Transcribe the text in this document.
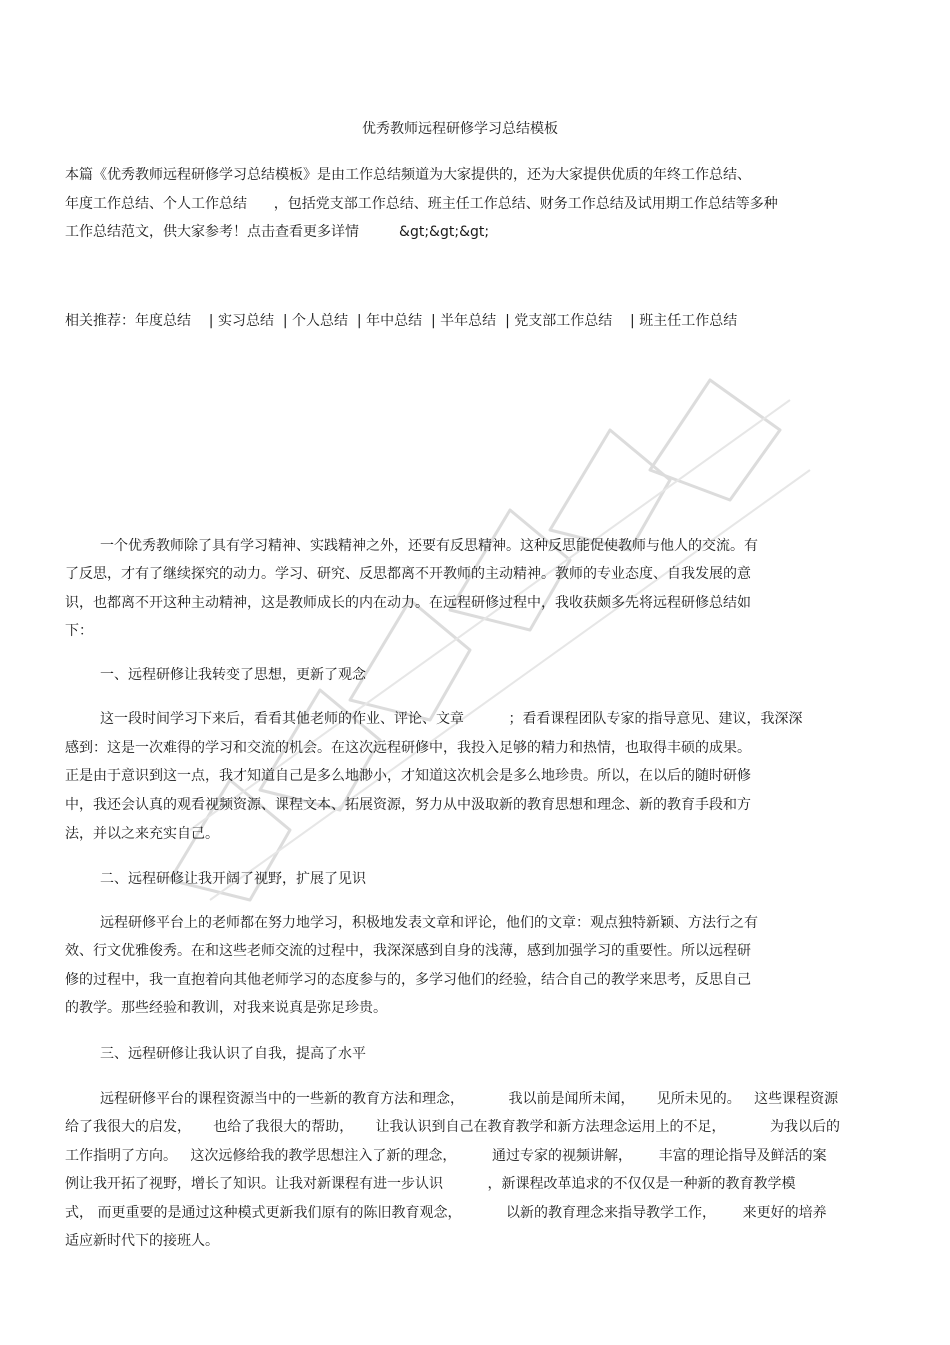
优秀教师远程研修学习总结模板
本篇《优秀教师远程研修学习总结模板》是由工作总结频道为大家提供的，还为大家提供优质的年终工作总结、
年度工作总结、个人工作总结      ，包括党支部工作总结、班主任工作总结、财务工作总结及试用期工作总结等多种
工作总结范文，供大家参考！点击查看更多详情         &gt;&gt;&gt;
相关推荐：年度总结    | 实习总结  | 个人总结  | 年中总结  | 半年总结  | 党支部工作总结    | 班主任工作总结
一个优秀教师除了具有学习精神、实践精神之外，还要有反思精神。这种反思能促使教师与他人的交流。有
了反思，才有了继续探究的动力。学习、研究、反思都离不开教师的主动精神。教师的专业态度、自我发展的意
识，也都离不开这种主动精神，这是教师成长的内在动力。在远程研修过程中，我收获颇多先将远程研修总结如
下：
一、远程研修让我转变了思想，更新了观念
这一段时间学习下来后，看看其他老师的作业、评论、文章          ；看看课程团队专家的指导意见、建议，我深深
感到：这是一次难得的学习和交流的机会。在这次远程研修中，我投入足够的精力和热情，也取得丰硕的成果。
正是由于意识到这一点，我才知道自己是多么地渺小，才知道这次机会是多么地珍贵。所以，在以后的随时研修
中，我还会认真的观看视频资源、课程文本、拓展资源，努力从中汲取新的教育思想和理念、新的教育手段和方
法，并以之来充实自己。
二、远程研修让我开阔了视野，扩展了见识
远程研修平台上的老师都在努力地学习，积极地发表文章和评论，他们的文章：观点独特新颖、方法行之有
效、行文优雅俊秀。在和这些老师交流的过程中，我深深感到自身的浅薄，感到加强学习的重要性。所以远程研
修的过程中，我一直抱着向其他老师学习的态度参与的，多学习他们的经验，结合自己的教学来思考，反思自己
的教学。那些经验和教训，对我来说真是弥足珍贵。
三、远程研修让我认识了自我，提高了水平
远程研修平台的课程资源当中的一些新的教育方法和理念，          我以前是闻所未闻，     见所未见的。   这些课程资源
给了我很大的启发，     也给了我很大的帮助，     让我认识到自己在教育教学和新方法理念运用上的不足，          为我以后的
工作指明了方向。   这次远修给我的教学思想注入了新的理念，        通过专家的视频讲解，      丰富的理论指导及鲜活的案
例让我开拓了视野，增长了知识。让我对新课程有进一步认识          ，新课程改革追求的不仅仅是一种新的教育教学模
式， 而更重要的是通过这种模式更新我们原有的陈旧教育观念，          以新的教育理念来指导教学工作，      来更好的培养
适应新时代下的接班人。
